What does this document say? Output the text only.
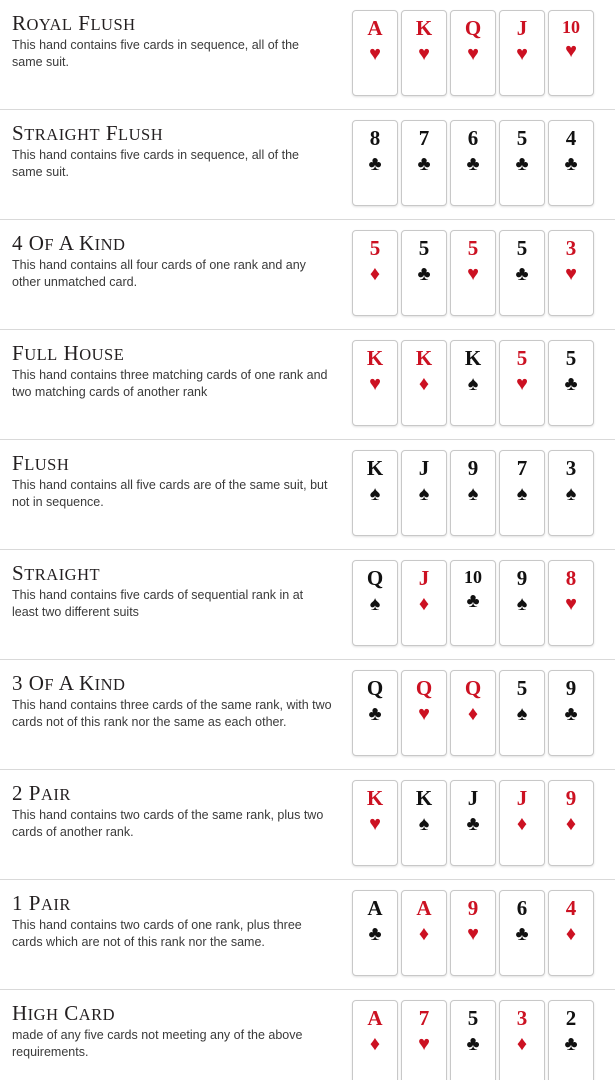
ROYAL FLUSH

This hand contains five cards in sequence, all of the same suit.

A
♥
K
♥
Q
♥
J
♥
10
♥
STRAIGHT FLUSH

This hand contains five cards in sequence, all of the same suit.

8
♣
7
♣
6
♣
5
♣
4
♣
4 OF A KIND

This hand contains all four cards of one rank and any other unmatched card.

5
♦
5
♣
5
♥
5
♣
3
♥
FULL HOUSE

This hand contains three matching cards of one rank and two matching cards of another rank

K
♥
K
♦
K
♠
5
♥
5
♣
FLUSH

This hand contains all five cards are of the same suit, but not in sequence.

K
♠
J
♠
9
♠
7
♠
3
♠
STRAIGHT

This hand contains five cards of sequential rank in at least two different suits

Q
♠
J
♦
10
♣
9
♠
8
♥
3 OF A KIND

This hand contains three cards of the same rank, with two cards not of this rank nor the same as each other.

Q
♣
Q
♥
Q
♦
5
♠
9
♣
2 PAIR

This hand contains two cards of the same rank, plus two cards of another rank.

K
♥
K
♠
J
♣
J
♦
9
♦
1 PAIR

This hand contains two cards of one rank, plus three cards which are not of this rank nor the same.

A
♣
A
♦
9
♥
6
♣
4
♦
HIGH CARD

made of any five cards not meeting any of the above requirements.

A
♦
7
♥
5
♣
3
♦
2
♣
